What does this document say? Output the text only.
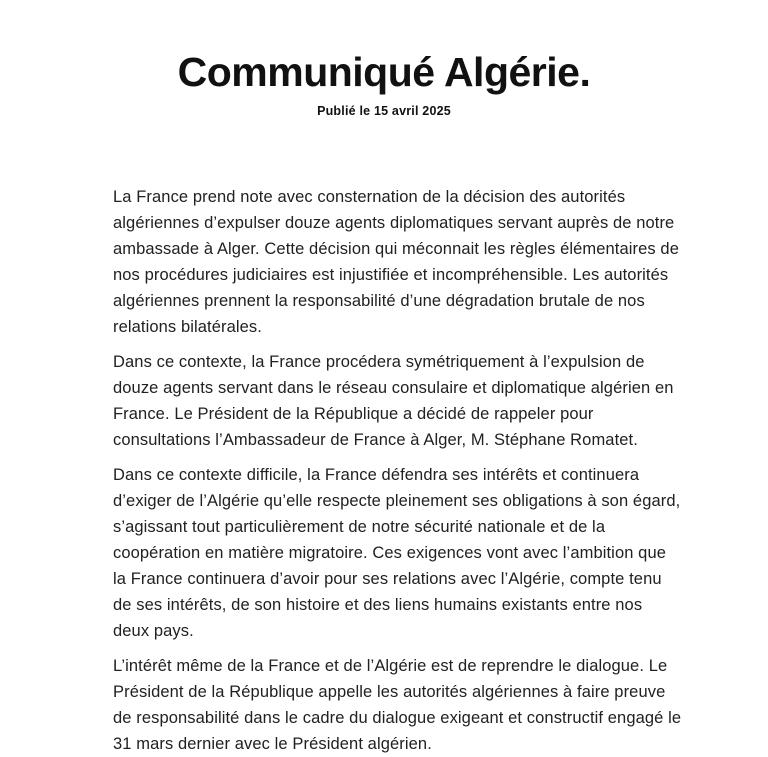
Communiqué Algérie.
Publié le 15 avril 2025

La France prend note avec consternation de la décision des autorités algériennes d’expulser douze agents diplomatiques servant auprès de notre ambassade à Alger. Cette décision qui méconnait les règles élémentaires de nos procédures judiciaires est injustifiée et incompréhensible. Les autorités algériennes prennent la responsabilité d’une dégradation brutale de nos relations bilatérales.

Dans ce contexte, la France procédera symétriquement à l’expulsion de douze agents servant dans le réseau consulaire et diplomatique algérien en France. Le Président de la République a décidé de rappeler pour consultations l’Ambassadeur de France à Alger, M. Stéphane Romatet.

Dans ce contexte difficile, la France défendra ses intérêts et continuera d’exiger de l’Algérie qu’elle respecte pleinement ses obligations à son égard, s’agissant tout particulièrement de notre sécurité nationale et de la coopération en matière migratoire. Ces exigences vont avec l’ambition que la France continuera d’avoir pour ses relations avec l’Algérie, compte tenu de ses intérêts, de son histoire et des liens humains existants entre nos deux pays.

L’intérêt même de la France et de l’Algérie est de reprendre le dialogue. Le Président de la République appelle les autorités algériennes à faire preuve de responsabilité dans le cadre du dialogue exigeant et constructif engagé le 31 mars dernier avec le Président algérien.
